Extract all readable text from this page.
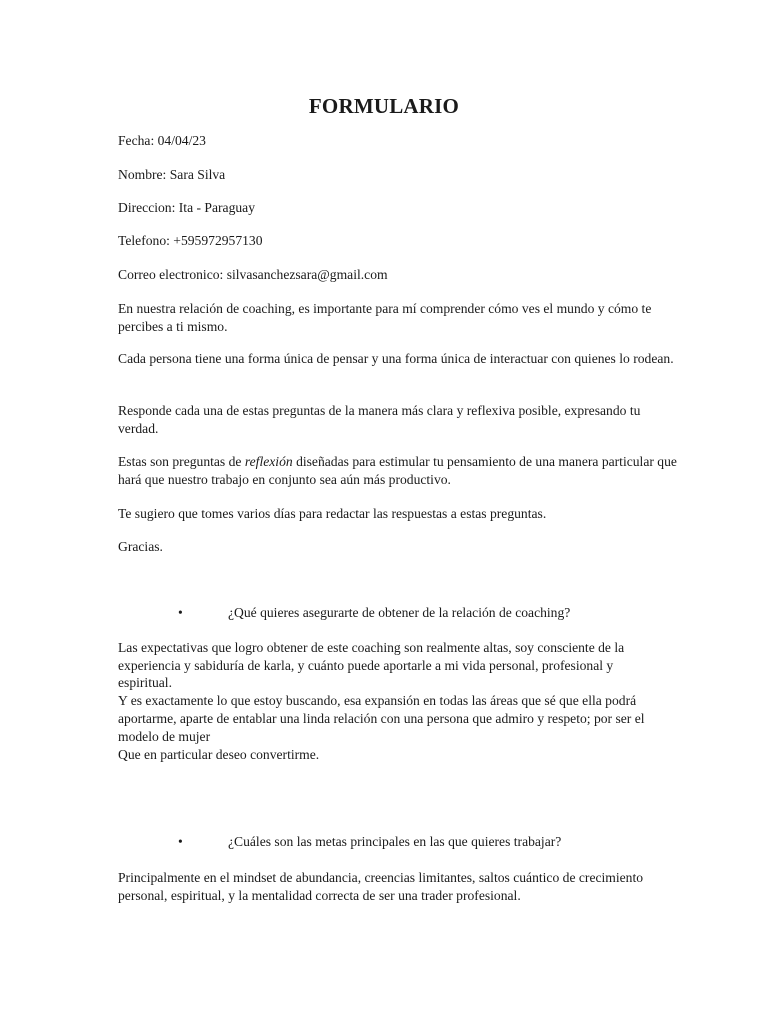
FORMULARIO
Fecha: 04/04/23
Nombre: Sara Silva
Direccion: Ita - Paraguay
Telefono: +595972957130
Correo electronico: silvasanchezsara@gmail.com
En nuestra relación de coaching, es importante para mí comprender cómo ves el mundo y cómo te percibes a ti mismo.
Cada persona tiene una forma única de pensar y una forma única de interactuar con quienes lo rodean.
Responde cada una de estas preguntas de la manera más clara y reflexiva posible, expresando tu verdad.
Estas son preguntas de reflexión diseñadas para estimular tu pensamiento de una manera particular que hará que nuestro trabajo en conjunto sea aún más productivo.
Te sugiero que tomes varios días para redactar las respuestas a estas preguntas.
Gracias.
•	¿Qué quieres asegurarte de obtener de la relación de coaching?
Las expectativas que logro obtener de este coaching son realmente altas, soy consciente de la
experiencia y sabiduría de karla, y cuánto puede aportarle a mi vida personal, profesional y
espiritual.
Y es exactamente lo que estoy buscando, esa expansión en todas las áreas que sé que ella podrá
aportarme, aparte de entablar una linda relación con una persona que admiro y respeto; por ser el
modelo de mujer
Que en particular deseo convertirme.
•	¿Cuáles son las metas principales en las que quieres trabajar?
Principalmente en el mindset de abundancia, creencias limitantes, saltos cuántico de crecimiento
personal, espiritual, y la mentalidad correcta de ser una trader profesional.
